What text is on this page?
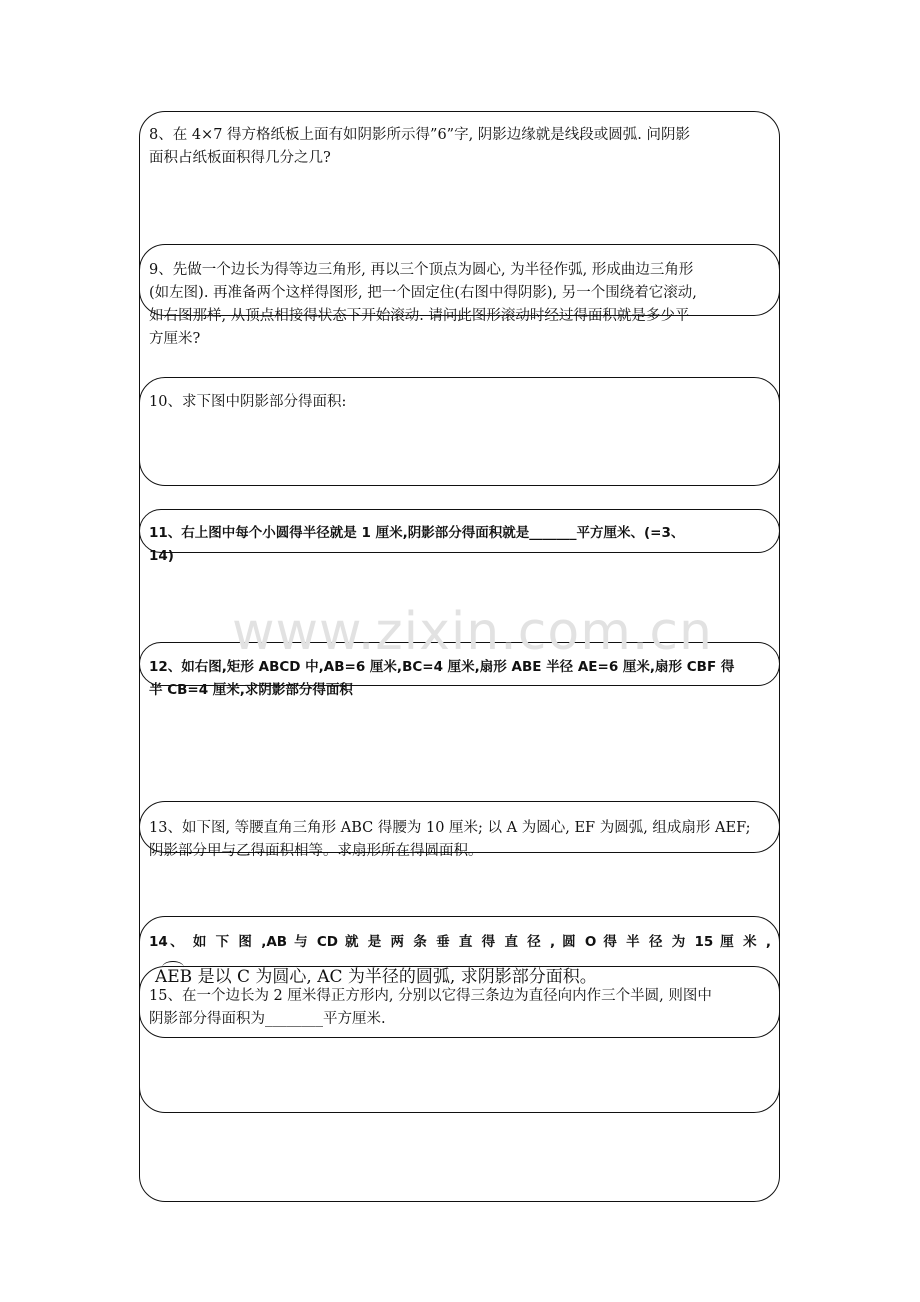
www.zixin.com.cn
8、在 4×7 得方格纸板上面有如阴影所示得”6”字, 阴影边缘就是线段或圆弧. 问阴影
面积占纸板面积得几分之几?
9、先做一个边长为得等边三角形, 再以三个顶点为圆心, 为半径作弧, 形成曲边三角形
(如左图). 再准备两个这样得图形, 把一个固定住(右图中得阴影), 另一个围绕着它滚动,
如右图那样, 从顶点相接得状态下开始滚动. 请问此图形滚动时经过得面积就是多少平
方厘米?
10、求下图中阴影部分得面积:
11、右上图中每个小圆得半径就是 1 厘米,阴影部分得面积就是_______平方厘米、(=3、
14)
12、如右图,矩形 ABCD 中,AB=6 厘米,BC=4 厘米,扇形 ABE 半径 AE=6 厘米,扇形 CBF 得
半 CB=4 厘米,求阴影部分得面积
13、如下图, 等腰直角三角形 ABC 得腰为 10 厘米; 以 A 为圆心, EF 为圆弧, 组成扇形 AEF;
阴影部分甲与乙得面积相等。求扇形所在得圆面积。
14、 如 下 图 ,AB 与 CD 就 是 两 条 垂 直 得 直 径 , 圆 O 得 半 径 为 15 厘 米 ,
AEB 是以 C 为圆心, AC 为半径的圆弧, 求阴影部分面积。
15、在一个边长为 2 厘米得正方形内, 分别以它得三条边为直径向内作三个半圆, 则图中
阴影部分得面积为________平方厘米.
